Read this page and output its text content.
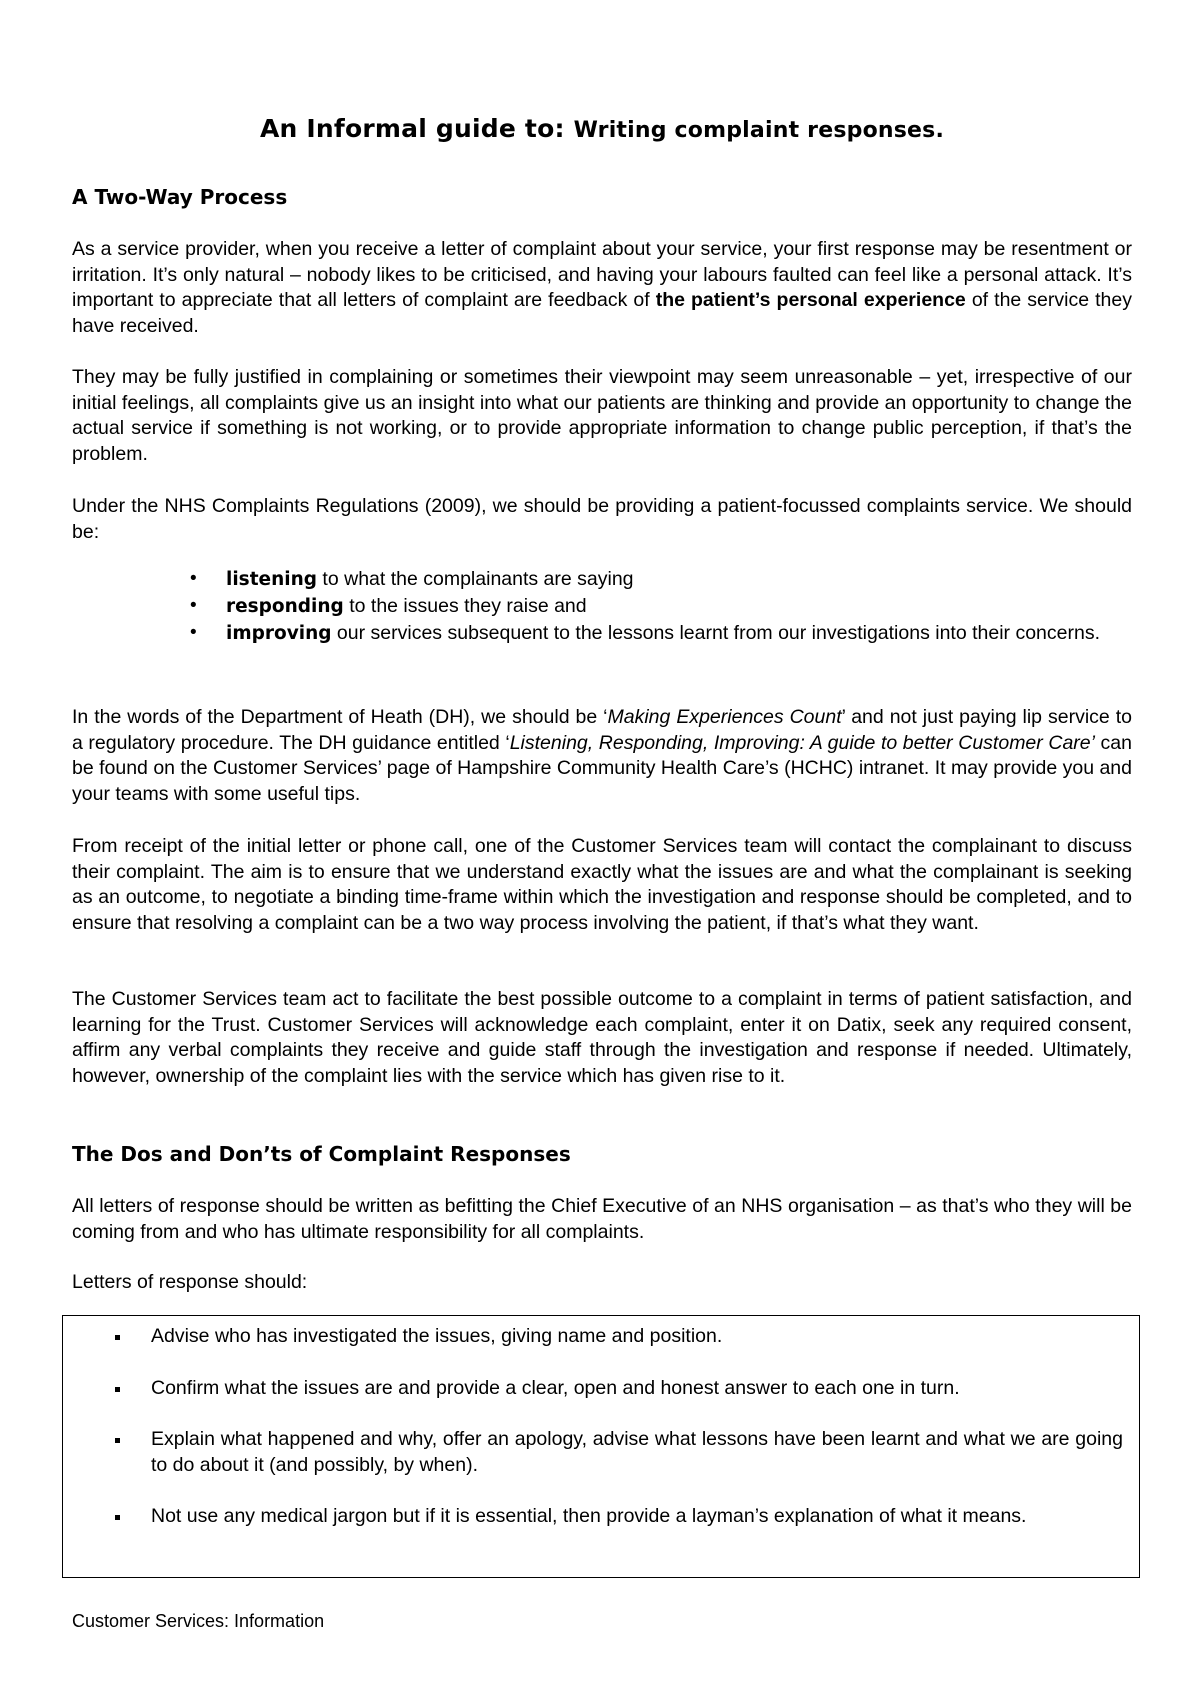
An Informal guide to: Writing complaint responses.
A Two-Way Process

As a service provider, when you receive a letter of complaint about your service, your first response may be resentment or irritation. It’s only natural – nobody likes to be criticised, and having your labours faulted can feel like a personal attack. It’s important to appreciate that all letters of complaint are feedback of the patient’s personal experience of the service they have received.

They may be fully justified in complaining or sometimes their viewpoint may seem unreasonable – yet, irrespective of our initial feelings, all complaints give us an insight into what our patients are thinking and provide an opportunity to change the actual service if something is not working, or to provide appropriate information to change public perception, if that’s the problem.

Under the NHS Complaints Regulations (2009), we should be providing a patient-focussed complaints service. We should be:

• listening to what the complainants are saying
• responding to the issues they raise and
• improving our services subsequent to the lessons learnt from our investigations into their concerns.

In the words of the Department of Heath (DH), we should be ‘Making Experiences Count’ and not just paying lip service to a regulatory procedure. The DH guidance entitled ‘Listening, Responding, Improving: A guide to better Customer Care’ can be found on the Customer Services’ page of Hampshire Community Health Care’s (HCHC) intranet. It may provide you and your teams with some useful tips.

From receipt of the initial letter or phone call, one of the Customer Services team will contact the complainant to discuss their complaint. The aim is to ensure that we understand exactly what the issues are and what the complainant is seeking as an outcome, to negotiate a binding time-frame within which the investigation and response should be completed, and to ensure that resolving a complaint can be a two way process involving the patient, if that’s what they want.

The Customer Services team act to facilitate the best possible outcome to a complaint in terms of patient satisfaction, and learning for the Trust. Customer Services will acknowledge each complaint, enter it on Datix, seek any required consent, affirm any verbal complaints they receive and guide staff through the investigation and response if needed. Ultimately, however, ownership of the complaint lies with the service which has given rise to it.

The Dos and Don’ts of Complaint Responses

All letters of response should be written as befitting the Chief Executive of an NHS organisation – as that’s who they will be coming from and who has ultimate responsibility for all complaints.

Letters of response should:

Advise who has investigated the issues, giving name and position.
Confirm what the issues are and provide a clear, open and honest answer to each one in turn.
Explain what happened and why, offer an apology, advise what lessons have been learnt and what we are going to do about it (and possibly, by when).
Not use any medical jargon but if it is essential, then provide a layman’s explanation of what it means.

Customer Services: Information
